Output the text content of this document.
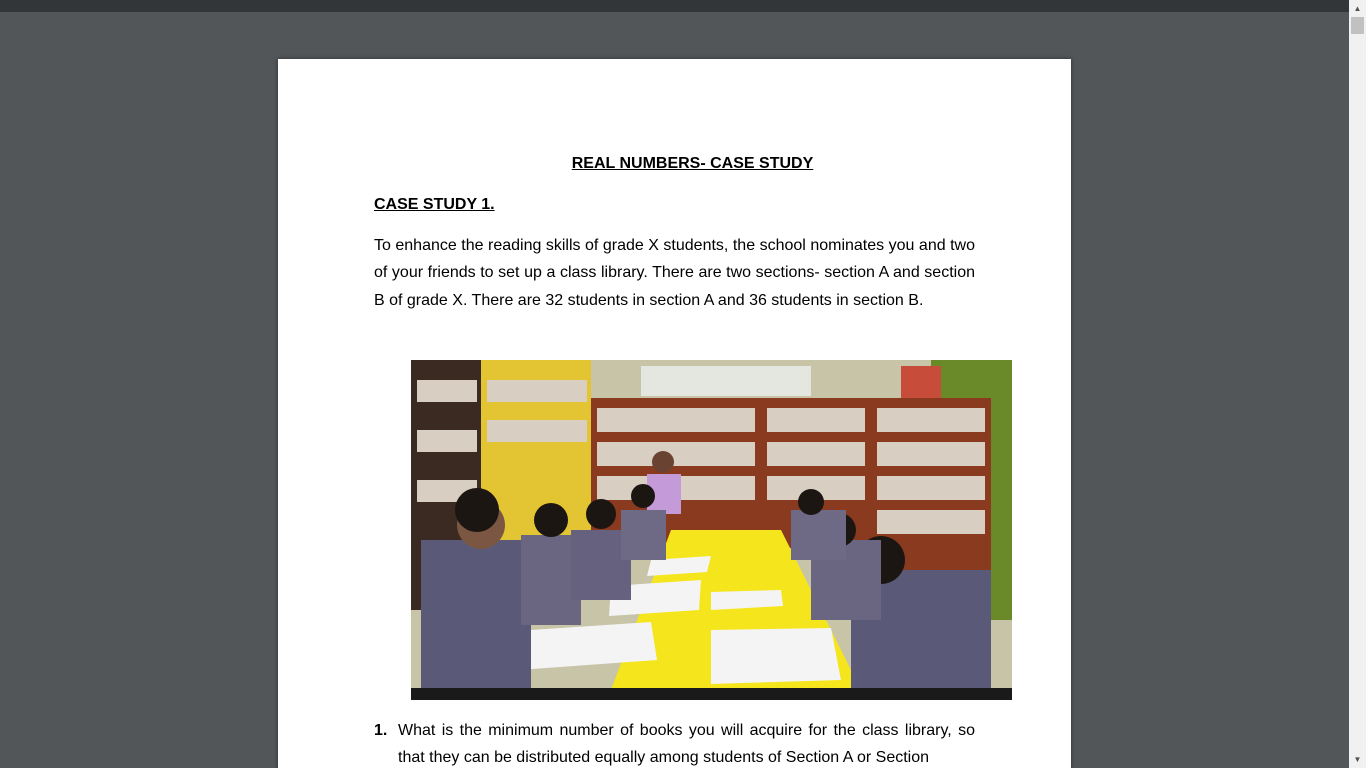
REAL NUMBERS- CASE STUDY
CASE STUDY 1.

To enhance the reading skills of grade X students, the school nominates you and two of your friends to set up a class library. There are two sections- section A and section B of grade X. There are 32 students in section A and 36 students in section B.

1. What is the minimum number of books you will acquire for the class library, so that they can be distributed equally among students of Section A or Section
▲
▼
